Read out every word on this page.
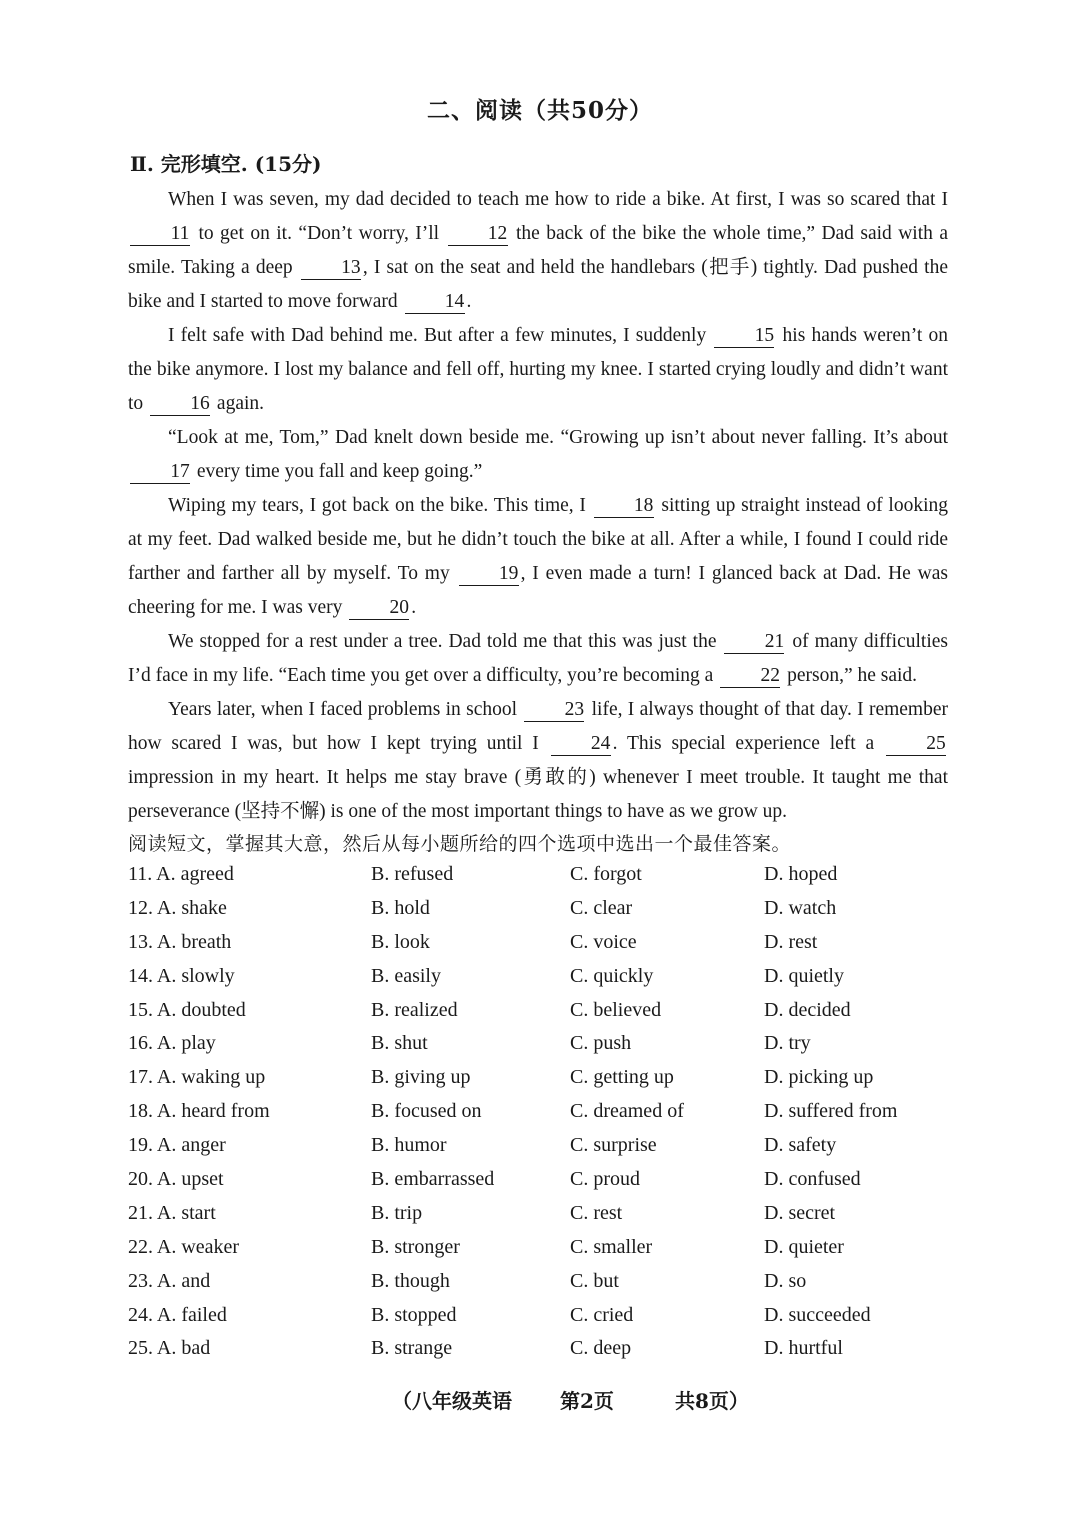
二、阅读（共50分）
Ⅱ. 完形填空. (15分)

When I was seven, my dad decided to teach me how to ride a bike. At first, I was so scared that I 11 to get on it. “Don’t worry, I’ll 12 the back of the bike the whole time,” Dad said with a smile. Taking a deep 13 , I sat on the seat and held the handlebars (把手) tightly. Dad pushed the bike and I started to move forward 14 .

I felt safe with Dad behind me. But after a few minutes, I suddenly 15 his hands weren’t on the bike anymore. I lost my balance and fell off, hurting my knee. I started crying loudly and didn’t want to 16 again.

“Look at me, Tom,” Dad knelt down beside me. “Growing up isn’t about never falling. It’s about 17 every time you fall and keep going.”

Wiping my tears, I got back on the bike. This time, I 18 sitting up straight instead of looking at my feet. Dad walked beside me, but he didn’t touch the bike at all. After a while, I found I could ride farther and farther all by myself. To my 19 , I even made a turn! I glanced back at Dad. He was cheering for me. I was very 20 .

We stopped for a rest under a tree. Dad told me that this was just the 21 of many difficulties I’d face in my life. “Each time you get over a difficulty, you’re becoming a 22 person,” he said.

Years later, when I faced problems in school 23 life, I always thought of that day. I remember how scared I was, but how I kept trying until I 24 . This special experience left a 25 impression in my heart. It helps me stay brave (勇敢的) whenever I meet trouble. It taught me that perseverance (坚持不懈) is one of the most important things to have as we grow up.

阅读短文，掌握其大意，然后从每小题所给的四个选项中选出一个最佳答案。
11. A. agreed	B. refused	C. forgot	D. hoped
12. A. shake	B. hold	C. clear	D. watch
13. A. breath	B. look	C. voice	D. rest
14. A. slowly	B. easily	C. quickly	D. quietly
15. A. doubted	B. realized	C. believed	D. decided
16. A. play	B. shut	C. push	D. try
17. A. waking up	B. giving up	C. getting up	D. picking up
18. A. heard from	B. focused on	C. dreamed of	D. suffered from
19. A. anger	B. humor	C. surprise	D. safety
20. A. upset	B. embarrassed	C. proud	D. confused
21. A. start	B. trip	C. rest	D. secret
22. A. weaker	B. stronger	C. smaller	D. quieter
23. A. and	B. though	C. but	D. so
24. A. failed	B. stopped	C. cried	D. succeeded
25. A. bad	B. strange	C. deep	D. hurtful
（八年级英语 第2页	共8页）
